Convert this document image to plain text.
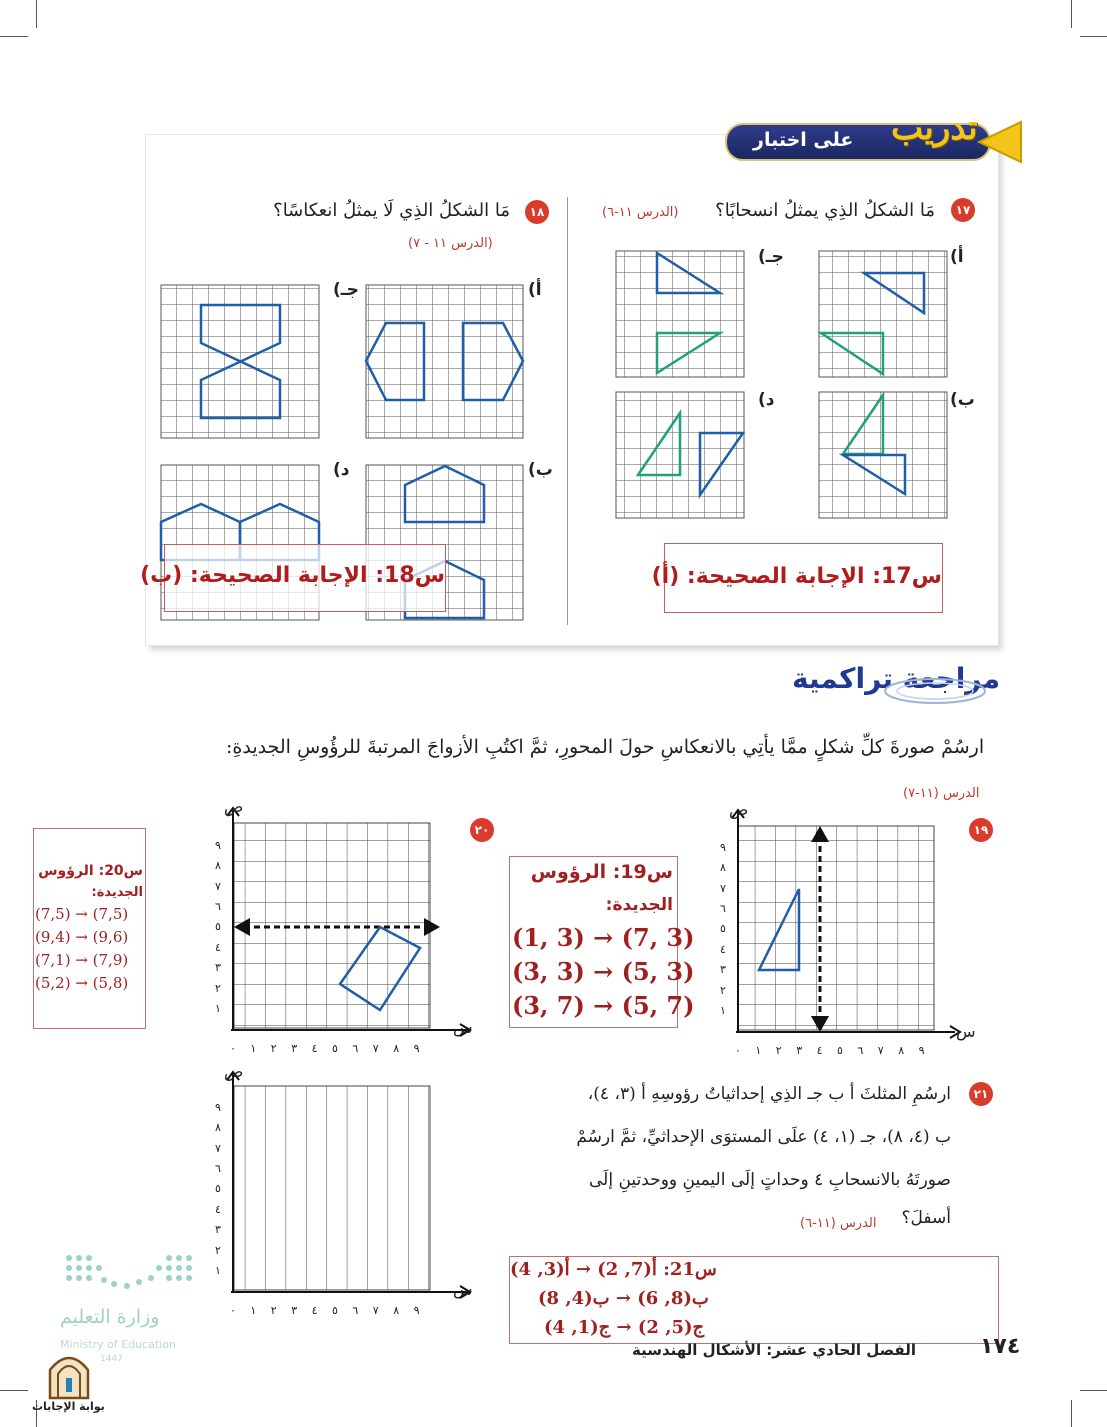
على اختبار تدريب
١٧
مَا الشكلُ الذِي يمثلُ انسحابًا؟
(الدرس ١١-٦)
١٨
مَا الشكلُ الذِي لَا يمثلُ انعكاسًا؟
(الدرس ١١ - ٧)
أ)
ب)
جـ)
د)
أ)
ب)
جـ)
د)
س17: الإجابة الصحيحة: (أ)
س18: الإجابة الصحيحة: (ب)
مراجعة تراكمية
ارسُمْ صورةَ كلِّ شكلٍ ممَّا يأتِي بالانعكاسِ حولَ المحورِ، ثمَّ اكتُبِ الأزواجَ المرتبةَ للرؤُوسِ الجديدةِ:
الدرس (١١-٧)
١٩
٢٠
٢١
س
ص
س
ص
س
ص
٠ ١ ٢ ٣ ٤ ٥ ٦ ٧ ٨ ٩
١
٢
٣
٤
٥
٦
٧
٨
٩
٠ ١ ٢ ٣ ٤ ٥ ٦ ٧ ٨ ٩
١
٢
٣
٤
٥
٦
٧
٨
٩
٠ ١ ٢ ٣ ٤ ٥ ٦ ٧ ٨ ٩
١
٢
٣
٤
٥
٦
٧
٨
٩
س19: الرؤوس
الجديدة:
(1, 3) → (7, 3)
(3, 3) → (5, 3)
(3, 7) → (5, 7)
س20: الرؤوس
الجديدة:
(7,5) → (7,5)
(9,4) → (9,6)
(7,1) → (7,9)
(5,2) → (5,8)
ارسُمِ المثلثَ أ ب جـ الذِي إحداثياتُ رؤوسِهِ أ (٣، ٤)،
ب (٤، ٨)، جـ (١، ٤) علَى المستوَى الإحداثيِّ، ثمَّ ارسُمْ
صورتَهُ بالانسحابِ ٤ وحداتٍ إلَى اليمينِ ووحدتينِ إلَى
أسفلَ؟
الدرس (١١-٦)
س21: أ(7, 2) → أ(3, 4)
ب(8, 6) → ب(4, 8)
ج(5, 2) → ج(1, 4)
الفصل الحادي عشر: الأشكال الهندسية	١٧٤
وزارة التعليم
Ministry of Education
1447
بوابة الإجابات
